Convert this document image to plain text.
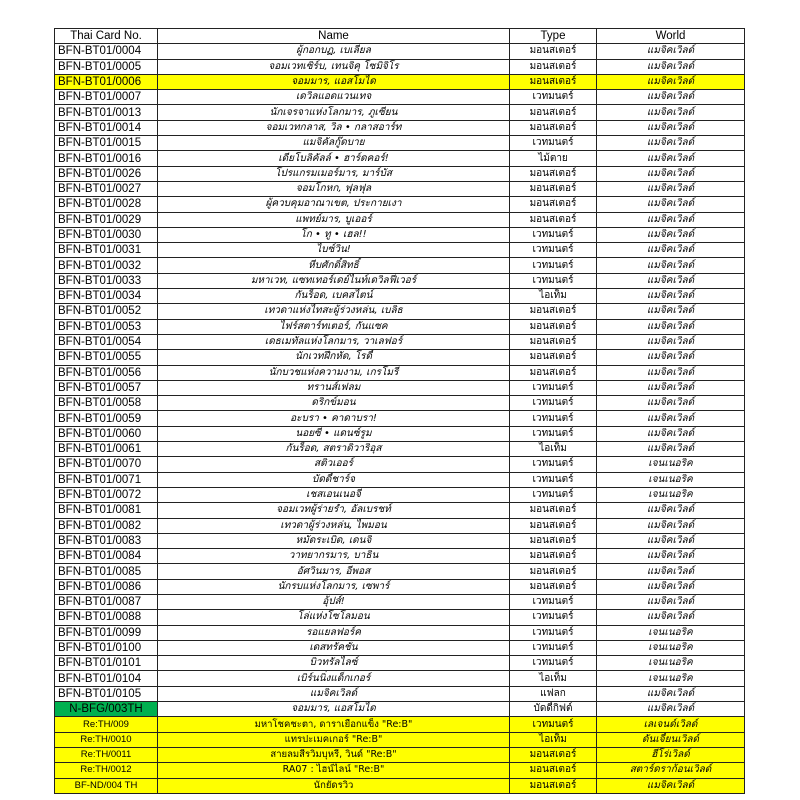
Thai Card No.	Name	Type	World
BFN-BT01/0004	ผู้กอกบฏ, เบเลียล	มอนสเตอร์	แมจิคเวิลด์
BFN-BT01/0005	จอมเวทเซิร์บ, เทนจิคุ โซมิจิโร	มอนสเตอร์	แมจิคเวิลด์
BFN-BT01/0006	จอมมาร, แอสโมได	มอนสเตอร์	แมจิคเวิลด์
BFN-BT01/0007	เดวิลแอดแวนเทจ	เวทมนตร์	แมจิคเวิลด์
BFN-BT01/0013	นักเจรจาแห่งโลกมาร, ภูเซียน	มอนสเตอร์	แมจิคเวิลด์
BFN-BT01/0014	จอมเวทกลาส, วิล • กลาสอาร์ท	มอนสเตอร์	แมจิคเวิลด์
BFN-BT01/0015	แมจิคัลกู๊ดบาย	เวทมนตร์	แมจิคเวิลด์
BFN-BT01/0016	เดียโบลิคัลล์ • ฮาร์ดคอร์!	ไม้ตาย	แมจิคเวิลด์
BFN-BT01/0026	โปรแกรมเมอร์มาร, มาร์บัส	มอนสเตอร์	แมจิคเวิลด์
BFN-BT01/0027	จอมโกหก, ฟุลฟุล	มอนสเตอร์	แมจิคเวิลด์
BFN-BT01/0028	ผู้ควบคุมอาณาเขต, ประกายเงา	มอนสเตอร์	แมจิคเวิลด์
BFN-BT01/0029	แพทย์มาร, บูเออร์	มอนสเตอร์	แมจิคเวิลด์
BFN-BT01/0030	โก • ทู • เฮล!!	เวทมนตร์	แมจิคเวิลด์
BFN-BT01/0031	ไบซ์วิน!	เวทมนตร์	แมจิคเวิลด์
BFN-BT01/0032	หีบศักดิ์สิทธิ์	เวทมนตร์	แมจิคเวิลด์
BFN-BT01/0033	มหาเวท, แซทเทอร์เดย์ไนท์เดวิลฟีเวอร์	เวทมนตร์	แมจิคเวิลด์
BFN-BT01/0034	กันร็อด, เบคสไตน์	ไอเท็ม	แมจิคเวิลด์
BFN-BT01/0052	เทวดาแห่งไทสะผู้ร่วงหล่น, เบลิธ	มอนสเตอร์	แมจิคเวิลด์
BFN-BT01/0053	ไฟร์สตาร์ทเตอร์, กันแซค	มอนสเตอร์	แมจิคเวิลด์
BFN-BT01/0054	เดธเมทัลแห่งโลกมาร, วาเลฟอร์	มอนสเตอร์	แมจิคเวิลด์
BFN-BT01/0055	นักเวทฝึกหัด, โรดี้	มอนสเตอร์	แมจิคเวิลด์
BFN-BT01/0056	นักบวชแห่งความงาม, เกรโมรี	มอนสเตอร์	แมจิคเวิลด์
BFN-BT01/0057	ทรานส์เฟลม	เวทมนตร์	แมจิคเวิลด์
BFN-BT01/0058	ดริกข์มอน	เวทมนตร์	แมจิคเวิลด์
BFN-BT01/0059	อะบรา • คาดาบรา!	เวทมนตร์	แมจิคเวิลด์
BFN-BT01/0060	นอยซี่ • แดนซ์รูม	เวทมนตร์	แมจิคเวิลด์
BFN-BT01/0061	กันร็อด, สตราดิวาริอุส	ไอเท็ม	แมจิคเวิลด์
BFN-BT01/0070	สติวเออร์	เวทมนตร์	เจนเนอริค
BFN-BT01/0071	บัดดี้ชาร์จ	เวทมนตร์	เจนเนอริค
BFN-BT01/0072	เชสเอนเนอจี	เวทมนตร์	เจนเนอริค
BFN-BT01/0081	จอมเวทผู้ร่ายรำ, อัลเบรชท์	มอนสเตอร์	แมจิคเวิลด์
BFN-BT01/0082	เทวดาผู้ร่วงหล่น, ไพมอน	มอนสเตอร์	แมจิคเวิลด์
BFN-BT01/0083	หมัดระเบิด, เดนจิ	มอนสเตอร์	แมจิคเวิลด์
BFN-BT01/0084	วาทยากรมาร, บาธิน	มอนสเตอร์	แมจิคเวิลด์
BFN-BT01/0085	อัศวินมาร, อีพอส	มอนสเตอร์	แมจิคเวิลด์
BFN-BT01/0086	นักรบแห่งโลกมาร, เซพาร์	มอนสเตอร์	แมจิคเวิลด์
BFN-BT01/0087	อุ้ปส์!	เวทมนตร์	แมจิคเวิลด์
BFN-BT01/0088	โล่แห่งโซโลมอน	เวทมนตร์	แมจิคเวิลด์
BFN-BT01/0099	รอแยลฟอร์ค	เวทมนตร์	เจนเนอริค
BFN-BT01/0100	เดสทรัคชั่น	เวทมนตร์	เจนเนอริค
BFN-BT01/0101	บิวทรัลไลซ์	เวทมนตร์	เจนเนอริค
BFN-BT01/0104	เบิร์นนิ่งแด็กเกอร์	ไอเท็ม	เจนเนอริค
BFN-BT01/0105	แมจิคเวิลด์	แฟลก	แมจิคเวิลด์
N-BFG/003TH	จอมมาร, แอสโมได	บัดดี้กิฟต์	แมจิคเวิลด์
Re:TH/009	มหาโชคชะตา, ดาราเยือกแข็ง "Re:B"	เวทมนตร์	เลเจนด์เวิลด์
Re:TH/0010	แทรปะเมคเกอร์ "Re:B"	ไอเท็ม	ดันเจี้ยนเวิลด์
Re:TH/0011	สายลมสีรวิมบุหรี, วินด์ "Re:B"	มอนสเตอร์	ฮีโร่เวิลด์
Re:TH/0012	RA07 : ไฮน์ไลน์ "Re:B"	มอนสเตอร์	สตาร์ดราก้อนเวิลด์
BF-ND/004 TH	นักยัดรวิว	มอนสเตอร์	แมจิคเวิลด์
